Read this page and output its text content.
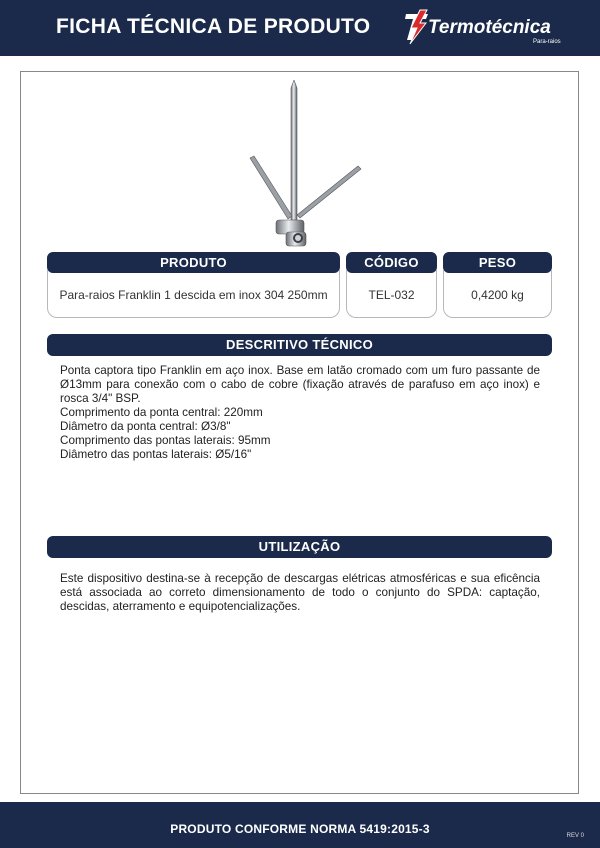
FICHA TÉCNICA DE PRODUTO	Termotécnica
Para-raios
PRODUTO	CÓDIGO	PESO
Para-raios Franklin 1 descida em inox 304 250mm	TEL-032	0,4200 kg
DESCRITIVO TÉCNICO

Ponta captora tipo Franklin em aço inox. Base em latão cromado com um furo passante de Ø13mm para conexão com o cabo de cobre (fixação através de parafuso em aço inox) e rosca 3/4" BSP.

Comprimento da ponta central: 220mm

Diâmetro da ponta central: Ø3/8"

Comprimento das pontas laterais: 95mm

Diâmetro das pontas laterais: Ø5/16"

UTILIZAÇÃO

Este dispositivo destina-se à recepção de descargas elétricas atmosféricas e sua eficência está associada ao correto dimensionamento de todo o conjunto do SPDA: captação, descidas, aterramento e equipotencializações.

PRODUTO CONFORME NORMA 5419:2015-3	REV 0
